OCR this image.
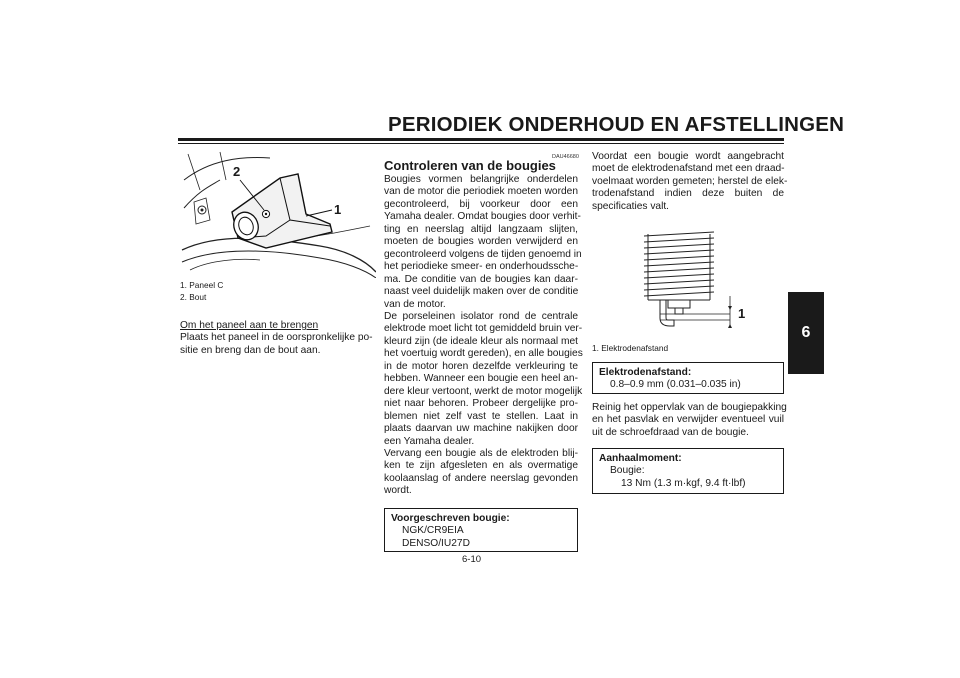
PERIODIEK ONDERHOUD EN AFSTELLINGEN
6
2
1
1. Paneel C
2. Bout
Om het paneel aan te brengen
Plaats het paneel in de oorspronkelijke po-
sitie en breng dan de bout aan.
DAU46680
Controleren van de bougies
Bougies vormen belangrijke onderdelen
van de motor die periodiek moeten worden
gecontroleerd, bij voorkeur door een
Yamaha dealer. Omdat bougies door verhit-
ting en neerslag altijd langzaam slijten,
moeten de bougies worden verwijderd en
gecontroleerd volgens de tijden genoemd in
het periodieke smeer- en onderhoudssche-
ma. De conditie van de bougies kan daar-
naast veel duidelijk maken over de conditie
van de motor.
De porseleinen isolator rond de centrale
elektrode moet licht tot gemiddeld bruin ver-
kleurd zijn (de ideale kleur als normaal met
het voertuig wordt gereden), en alle bougies
in de motor horen dezelfde verkleuring te
hebben. Wanneer een bougie een heel an-
dere kleur vertoont, werkt de motor mogelijk
niet naar behoren. Probeer dergelijke pro-
blemen niet zelf vast te stellen. Laat in
plaats daarvan uw machine nakijken door
een Yamaha dealer.
Vervang een bougie als de elektroden blij-
ken te zijn afgesleten en als overmatige
koolaanslag of andere neerslag gevonden
wordt.
Voorgeschreven bougie:
NGK/CR9EIA
DENSO/IU27D
6-10
Voordat een bougie wordt aangebracht
moet de elektrodenafstand met een draad-
voelmaat worden gemeten; herstel de elek-
trodenafstand indien deze buiten de
specificaties valt.
1
1. Elektrodenafstand
Elektrodenafstand:
0.8–0.9 mm (0.031–0.035 in)
Reinig het oppervlak van de bougiepakking
en het pasvlak en verwijder eventueel vuil
uit de schroefdraad van de bougie.
Aanhaalmoment:
Bougie:
13 Nm (1.3 m·kgf, 9.4 ft·lbf)
